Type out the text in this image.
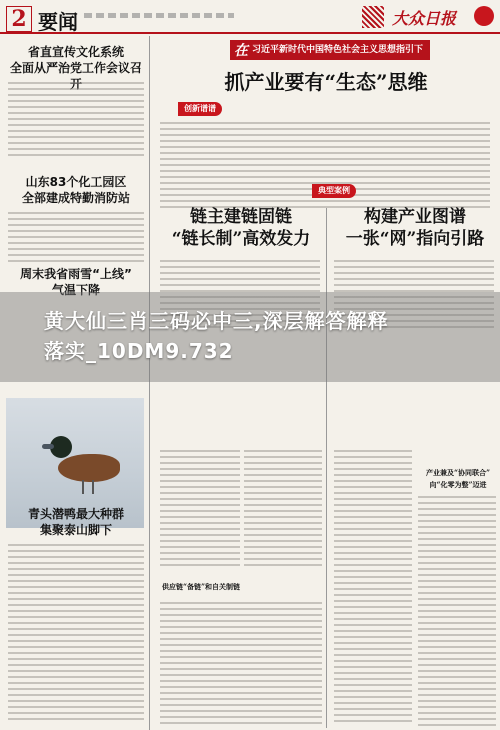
2 要闻	大众日报
省直宣传文化系统
全面从严治党工作会议召开
山东83个化工园区
全部建成特勤消防站
周末我省雨雪“上线”
气温下降
青头潜鸭最大种群
集聚泰山脚下
在 习近平新时代中国特色社会主义思想指引下
抓产业要有“生态”思维
创新谱谱
典型案例
链主建链固链
“链长制”高效发力
构建产业图谱
一张“网”指向引路
供应链“备链”和自关制链
产业兼及“协同联合”
向“化零为整”迈进
黄大仙三肖三码必中三,深层解答解释
落实_10DM9.732
